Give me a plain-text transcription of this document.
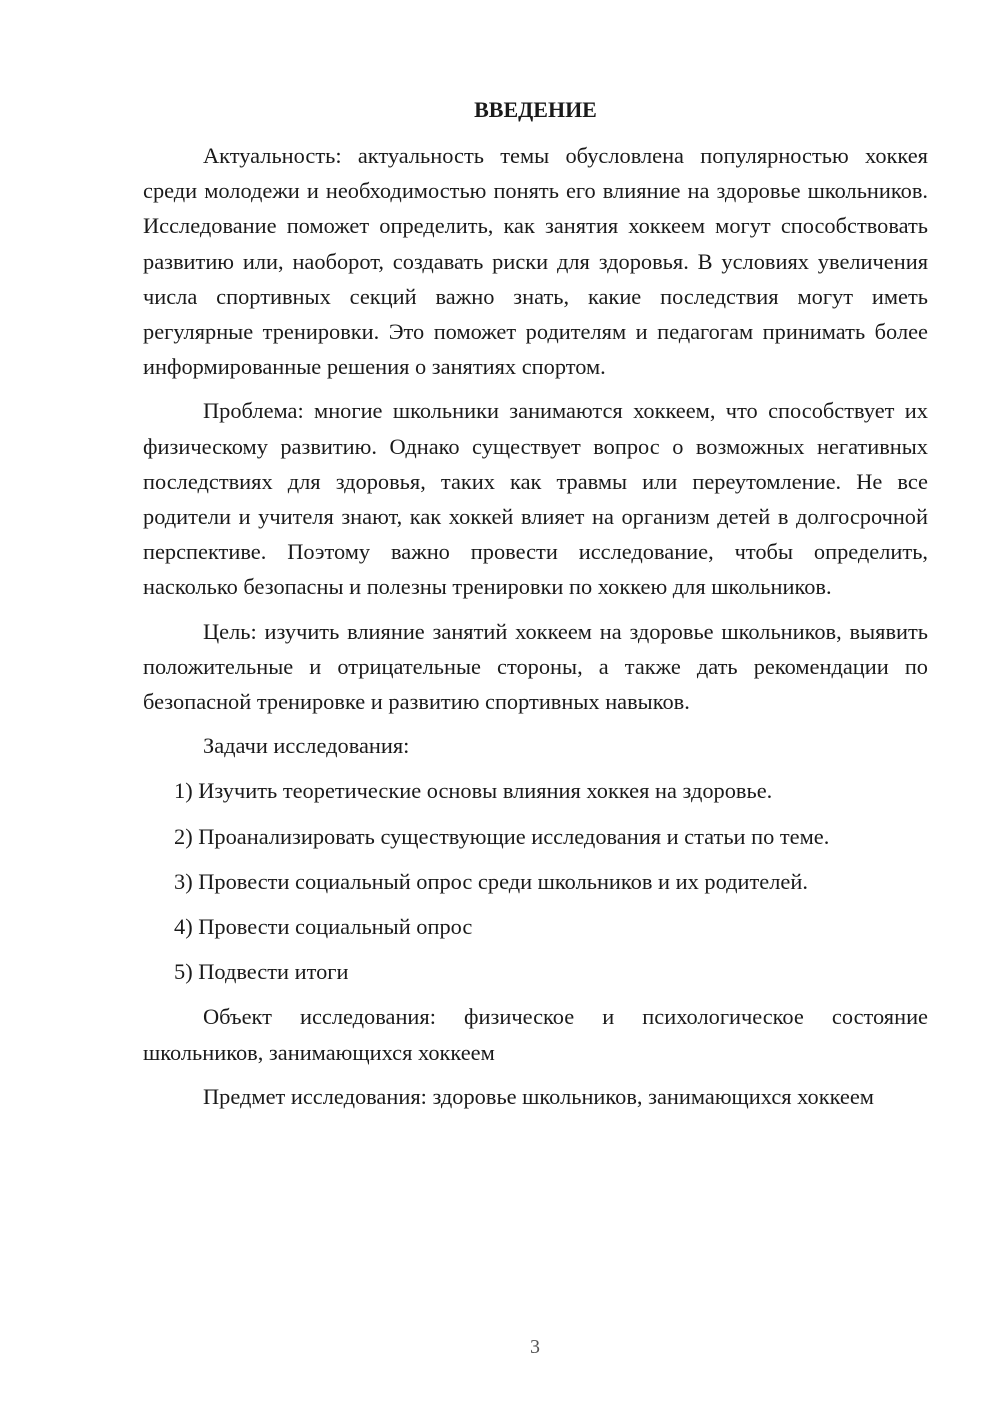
ВВЕДЕНИЕ

Актуальность: актуальность темы обусловлена популярностью хоккея среди молодежи и необходимостью понять его влияние на здоровье школьников. Исследование поможет определить, как занятия хоккеем могут способствовать развитию или, наоборот, создавать риски для здоровья. В условиях увеличения числа спортивных секций важно знать, какие последствия могут иметь регулярные тренировки. Это поможет родителям и педагогам принимать более информированные решения о занятиях спортом.

Проблема: многие школьники занимаются хоккеем, что способствует их физическому развитию. Однако существует вопрос о возможных негативных последствиях для здоровья, таких как травмы или переутомление. Не все родители и учителя знают, как хоккей влияет на организм детей в долгосрочной перспективе. Поэтому важно провести исследование, чтобы определить, насколько безопасны и полезны тренировки по хоккею для школьников.

Цель: изучить влияние занятий хоккеем на здоровье школьников, выявить положительные и отрицательные стороны, а также дать рекомендации по безопасной тренировке и развитию спортивных навыков.

Задачи исследования:

1) Изучить теоретические основы влияния хоккея на здоровье.
2) Проанализировать существующие исследования и статьи по теме.
3) Провести социальный опрос среди школьников и их родителей.
4) Провести социальный опрос
5) Подвести итоги

Объект исследования: физическое и психологическое состояние школьников, занимающихся хоккеем

Предмет исследования: здоровье школьников, занимающихся хоккеем

3
